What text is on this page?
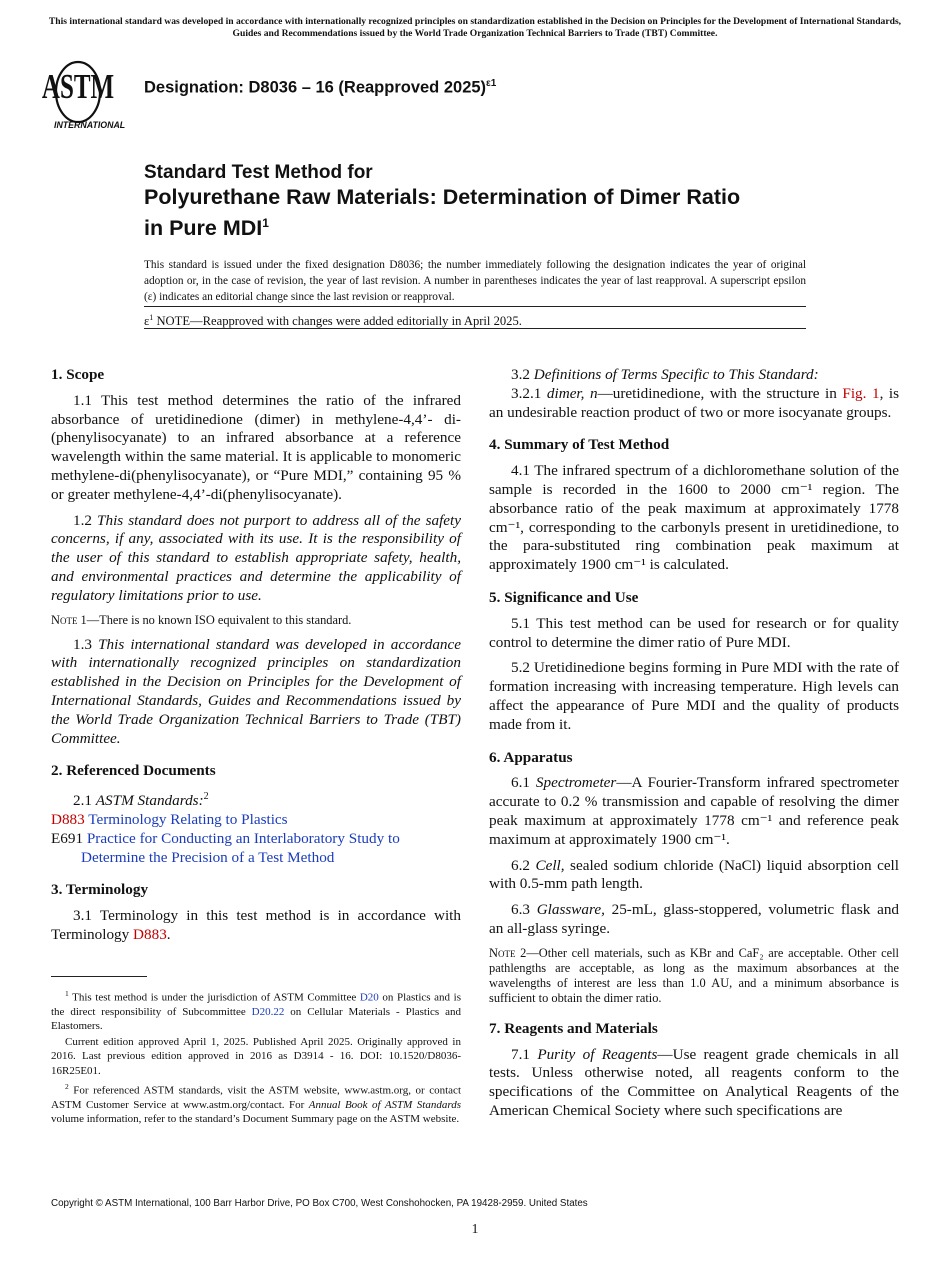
This international standard was developed in accordance with internationally recognized principles on standardization established in the Decision on Principles for the Development of International Standards, Guides and Recommendations issued by the World Trade Organization Technical Barriers to Trade (TBT) Committee.
ASTM
INTERNATIONAL
Designation: D8036 – 16 (Reapproved 2025)$^{\varepsilon 1}$
Standard Test Method for
Polyurethane Raw Materials: Determination of Dimer Ratio
in Pure MDI$^1$
This standard is issued under the fixed designation D8036; the number immediately following the designation indicates the year of original adoption or, in the case of revision, the year of last revision. A number in parentheses indicates the year of last reapproval. A superscript epsilon (ε) indicates an editorial change since the last revision or reapproval.
$\varepsilon^1$ NOTE—Reapproved with changes were added editorially in April 2025.
1. Scope
1.1 This test method determines the ratio of the infrared absorbance of uretidinedione (dimer) in methylene-4,4’- di-(phenylisocyanate) to an infrared absorbance at a reference wavelength within the same material. It is applicable to monomeric methylene-di(phenylisocyanate), or “Pure MDI,” containing 95 % or greater methylene-4,4’-di(phenylisocyanate).
1.2 This standard does not purport to address all of the safety concerns, if any, associated with its use. It is the responsibility of the user of this standard to establish appropriate safety, health, and environmental practices and determine the applicability of regulatory limitations prior to use.
Note 1—There is no known ISO equivalent to this standard.
1.3 This international standard was developed in accordance with internationally recognized principles on standardization established in the Decision on Principles for the Development of International Standards, Guides and Recommendations issued by the World Trade Organization Technical Barriers to Trade (TBT) Committee.
2. Referenced Documents
2.1 ASTM Standards:$^2$
D883 Terminology Relating to Plastics
E691 Practice for Conducting an Interlaboratory Study to Determine the Precision of a Test Method
3. Terminology
3.1 Terminology in this test method is in accordance with Terminology D883.

$^1$ This test method is under the jurisdiction of ASTM Committee D20 on Plastics and is the direct responsibility of Subcommittee D20.22 on Cellular Materials - Plastics and Elastomers.

Current edition approved April 1, 2025. Published April 2025. Originally approved in 2016. Last previous edition approved in 2016 as D3914 - 16. DOI: 10.1520/D8036-16R25E01.

$^2$ For referenced ASTM standards, visit the ASTM website, www.astm.org, or contact ASTM Customer Service at www.astm.org/contact. For Annual Book of ASTM Standards volume information, refer to the standard’s Document Summary page on the ASTM website.

3.2 Definitions of Terms Specific to This Standard:
3.2.1 dimer, n—uretidinedione, with the structure in Fig. 1, is an undesirable reaction product of two or more isocyanate groups.
4. Summary of Test Method
4.1 The infrared spectrum of a dichloromethane solution of the sample is recorded in the 1600 to 2000 cm⁻¹ region. The absorbance ratio of the peak maximum at approximately 1778 cm⁻¹, corresponding to the carbonyls present in uretidinedione, to the para-substituted ring combination peak maximum at approximately 1900 cm⁻¹ is calculated.
5. Significance and Use
5.1 This test method can be used for research or for quality control to determine the dimer ratio of Pure MDI.
5.2 Uretidinedione begins forming in Pure MDI with the rate of formation increasing with increasing temperature. High levels can affect the appearance of Pure MDI and the quality of products made from it.
6. Apparatus
6.1 Spectrometer—A Fourier-Transform infrared spectrometer accurate to 0.2 % transmission and capable of resolving the dimer peak maximum at approximately 1778 cm⁻¹ and reference peak maximum at approximately 1900 cm⁻¹.
6.2 Cell, sealed sodium chloride (NaCl) liquid absorption cell with 0.5-mm path length.
6.3 Glassware, 25-mL, glass-stoppered, volumetric flask and an all-glass syringe.
Note 2—Other cell materials, such as KBr and CaF₂ are acceptable. Other cell pathlengths are acceptable, as long as the maximum absorbances at the wavelengths of interest are less than 1.0 AU, and a minimum absorbance is sufficient to obtain the dimer ratio.
7. Reagents and Materials
7.1 Purity of Reagents—Use reagent grade chemicals in all tests. Unless otherwise noted, all reagents conform to the specifications of the Committee on Analytical Reagents of the American Chemical Society where such specifications are
Copyright © ASTM International, 100 Barr Harbor Drive, PO Box C700, West Conshohocken, PA 19428-2959. United States
1
